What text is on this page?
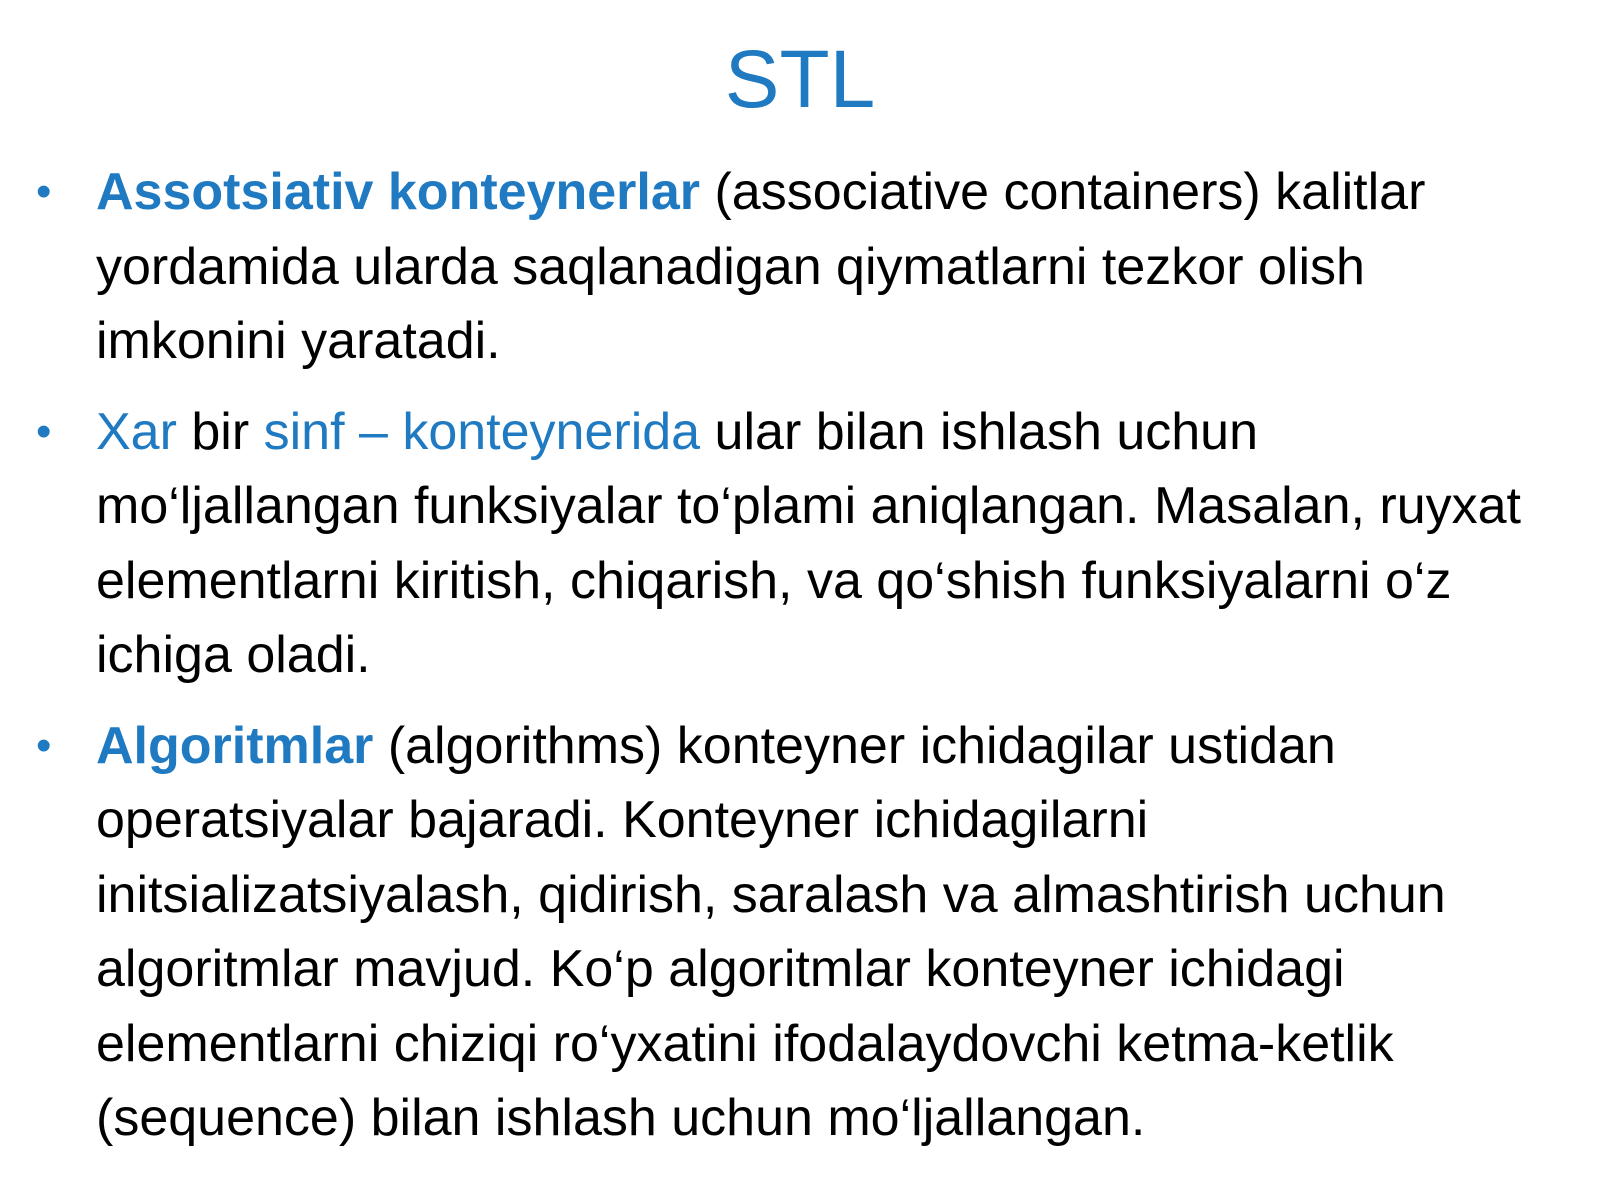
STL
• Assotsiativ konteynerlar (associative containers) kalitlar yordamida ularda saqlanadigan qiymatlarni tezkor olish imkonini yaratadi.
• Xar bir sinf – konteynerida ular bilan ishlash uchun mo‘ljallangan funksiyalar to‘plami aniqlangan. Masalan, ruyxat elementlarni kiritish, chiqarish, va qo‘shish funksiyalarni o‘z ichiga oladi.
• Algoritmlar (algorithms) konteyner ichidagilar ustidan operatsiyalar bajaradi. Konteyner ichidagilarni initsializatsiyalash, qidirish, saralash va almashtirish uchun algoritmlar mavjud. Ko‘p algoritmlar konteyner ichidagi elementlarni chiziqi ro‘yxatini ifodalaydovchi ketma-ketlik (sequence) bilan ishlash uchun mo‘ljallangan.
